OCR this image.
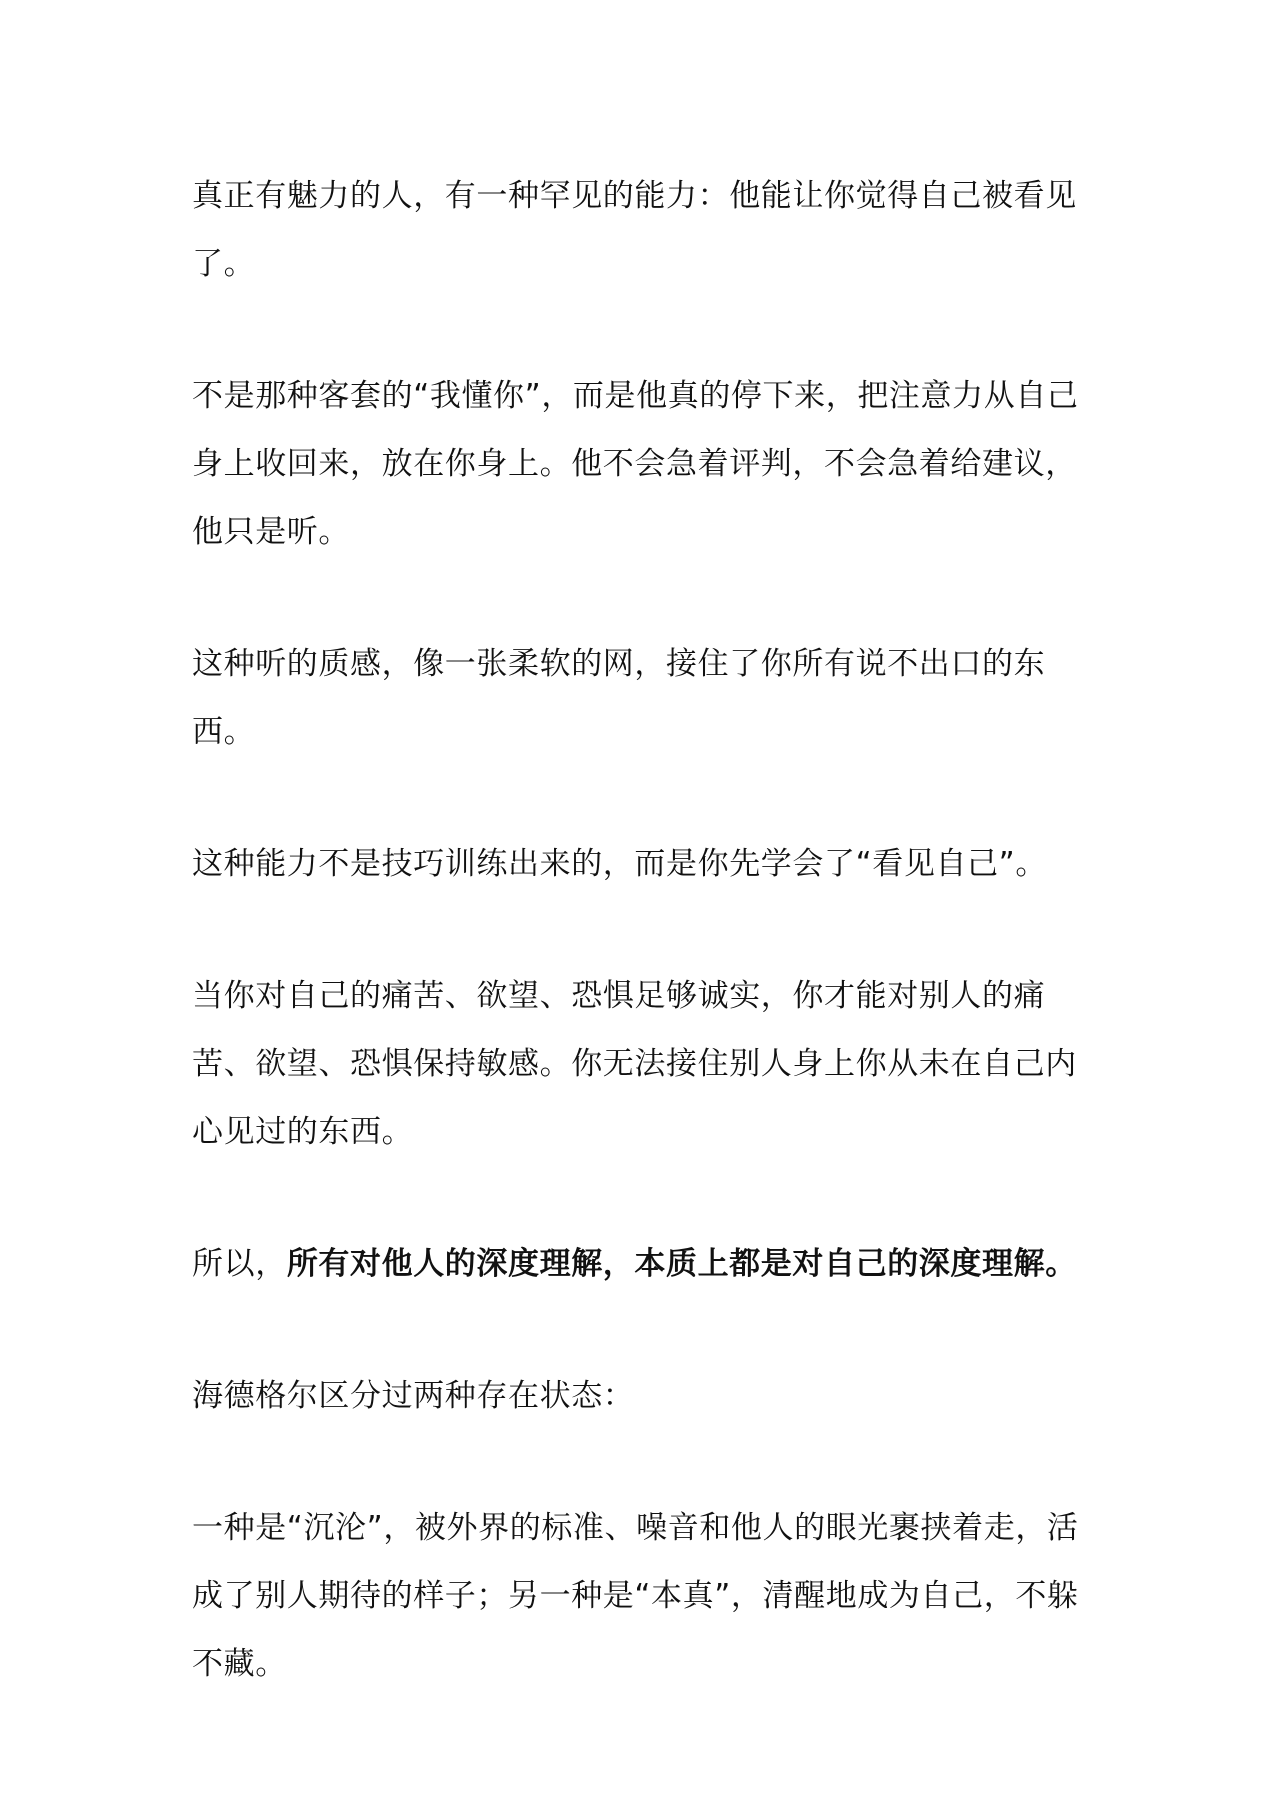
真正有魅力的人，有一种罕见的能力：他能让你觉得自己被看见了。

不是那种客套的“我懂你”，而是他真的停下来，把注意力从自己身上收回来，放在你身上。他不会急着评判，不会急着给建议，他只是听。

这种听的质感，像一张柔软的网，接住了你所有说不出口的东西。

这种能力不是技巧训练出来的，而是你先学会了“看见自己”。

当你对自己的痛苦、欲望、恐惧足够诚实，你才能对别人的痛苦、欲望、恐惧保持敏感。你无法接住别人身上你从未在自己内心见过的东西。

所以，所有对他人的深度理解，本质上都是对自己的深度理解。

海德格尔区分过两种存在状态：

一种是“沉沦”，被外界的标准、噪音和他人的眼光裹挟着走，活成了别人期待的样子；另一种是“本真”，清醒地成为自己，不躲不藏。
